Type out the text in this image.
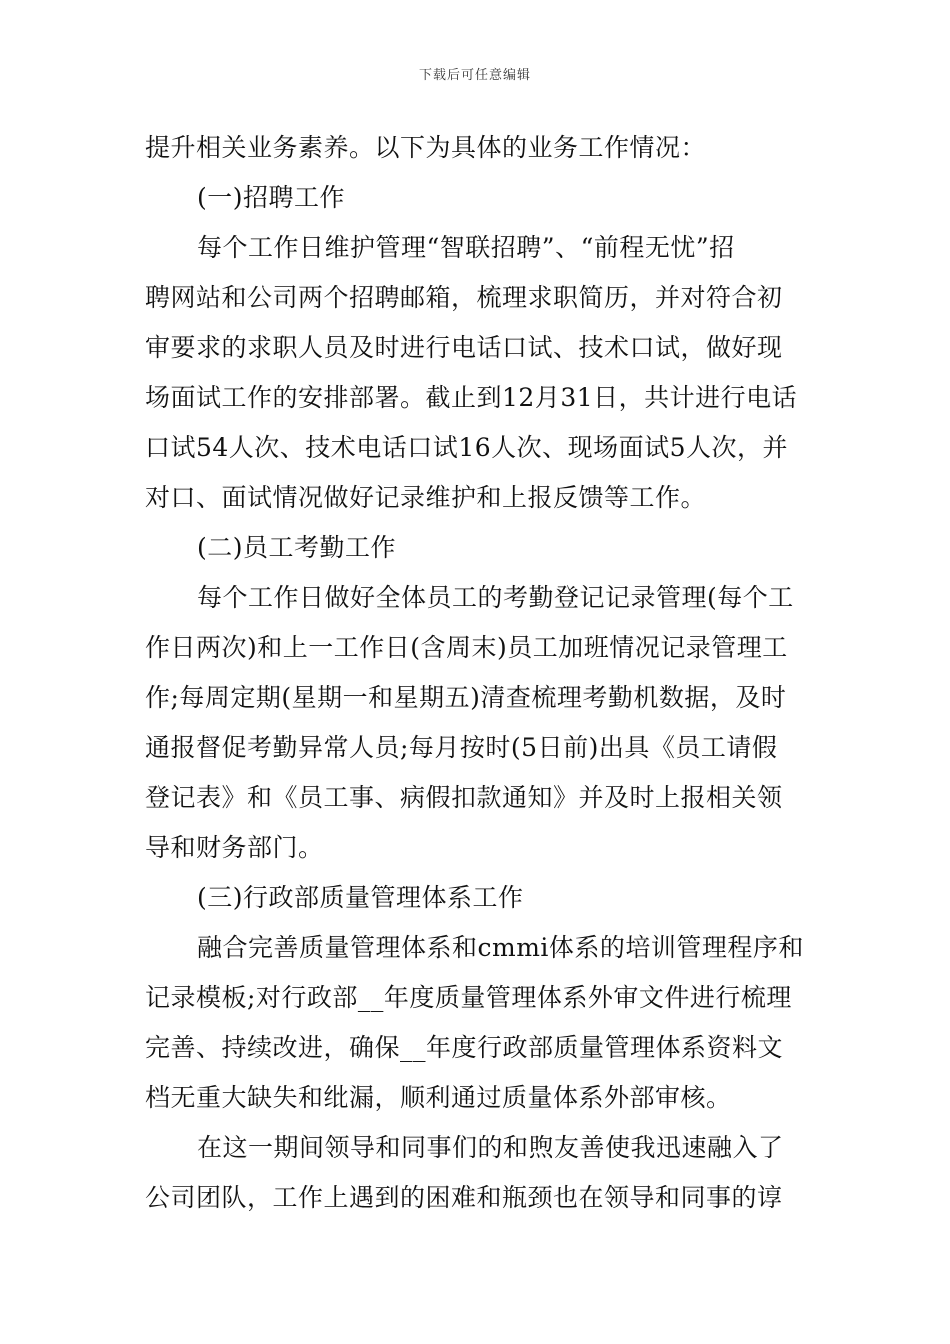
下载后可任意编辑
提升相关业务素养。以下为具体的业务工作情况：
(一)招聘工作
每个工作日维护管理“智联招聘”、“前程无忧”招
聘网站和公司两个招聘邮箱，梳理求职简历，并对符合初
审要求的求职人员及时进行电话口试、技术口试，做好现
场面试工作的安排部署。截止到12月31日，共计进行电话
口试54人次、技术电话口试16人次、现场面试5人次，并
对口、面试情况做好记录维护和上报反馈等工作。
(二)员工考勤工作
每个工作日做好全体员工的考勤登记记录管理(每个工
作日两次)和上一工作日(含周末)员工加班情况记录管理工
作;每周定期(星期一和星期五)清查梳理考勤机数据，及时
通报督促考勤异常人员;每月按时(5日前)出具《员工请假
登记表》和《员工事、病假扣款通知》并及时上报相关领
导和财务部门。
(三)行政部质量管理体系工作
融合完善质量管理体系和cmmi体系的培训管理程序和
记录模板;对行政部__年度质量管理体系外审文件进行梳理
完善、持续改进，确保__年度行政部质量管理体系资料文
档无重大缺失和纰漏，顺利通过质量体系外部审核。
在这一期间领导和同事们的和煦友善使我迅速融入了
公司团队，工作上遇到的困难和瓶颈也在领导和同事的谆
